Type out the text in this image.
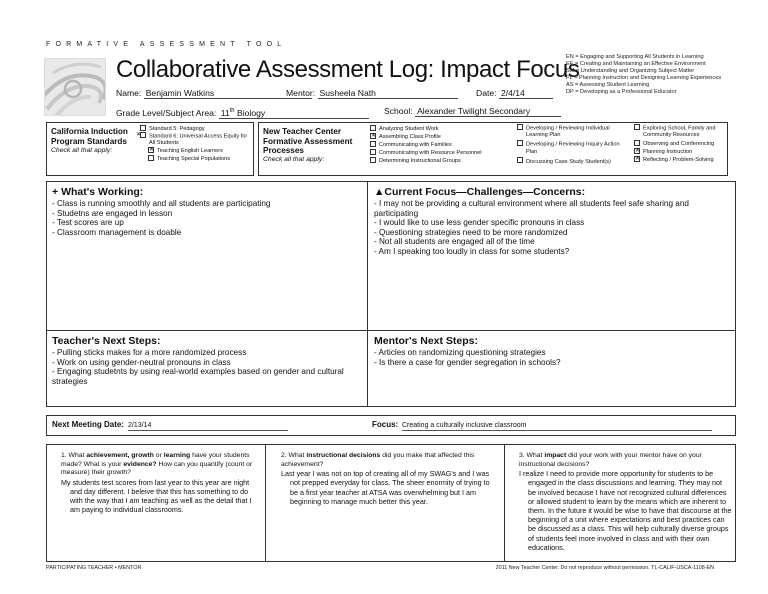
FORMATIVE ASSESSMENT TOOL
Collaborative Assessment Log: Impact Focus
EN = Engaging and Supporting All Students in Learning
EE = Creating and Maintaining an Effective Environment
SM = Understanding and Organizing Subject Matter
PL = Planning Instruction and Designing Learning Experiences
AS = Assessing Student Learning
DP = Developing as a Professional Educator
Name: Benjamin Watkins	Mentor: Susheela Nath	Date: 2/4/14
Grade Level/Subject Area: 11th Biology	School: Alexander Twilight Secondary
California Induction Program Standards
Check all that apply:
Standard 5: Pedagogy
✕ Standard 6: Universal Access Equity for All Students
✕ Teaching English Learners
Teaching Special Populations
New Teacher Center Formative Assessment Processes
Check all that apply:
Analyzing Student Work
✕ Assembling Class Profile
Communicating with Families
Communicating with Resource Personnel
Determining Instructional Groups
Developing / Reviewing Individual Learning Plan
Developing / Reviewing Inquiry Action Plan
Discussing Case Study Student(s)
Exploring School, Family and Community Resources
Observing and Conferencing
✕ Planning Instruction
✕ Reflecting / Problem-Solving
+ What's Working:
- Class is running smoothly and all students are participating
- Studetns are engaged in lesson
- Test scores are up
- Classroom management is doable
▲Current Focus—Challenges—Concerns:
- I may not be providing a cultural environment where all students feel safe sharing and participating
- I would like to use less gender specific pronouns in class
- Questioning strategies need to be more randomized
- Not all students are engaged all of the time
- Am I speaking too loudly in class for some students?
Teacher's Next Steps:
- Pulling sticks makes for a more randomized process
- Work on using gender-neutral pronouns in class
- Engaging studetnts by using real-world examples based on gender and cultural strategies
Mentor's Next Steps:
- Articles on randomizing questioning strategies
- Is there a case for gender segregation in schools?
Next Meeting Date: 2/13/14	Focus: Creating a culturally inclusive classroom
1. What achievement, growth or learning have your students made? What is your evidence? How can you quantify (count or measure) their growth?
My students test scores from last year to this year are night and day different. I beleive that this has something to do with the way that I am teaching as well as the detail that I am paying to individual classrooms.
2. What instructional decisions did you make that affected this achievement?
Last year I was not on top of creating all of my SWAG's and I was not prepped everyday for class. The sheer enormity of trying to be a first year teacher at ATSA was overwhelming but I am beginning to manage much better this year.
3. What impact did your work with your mentor have on your instructional decisions?
I realize I need to provide more opportunity for students to be engaged in the class discussions and learning. They may not be involved because I have not recognized cultural differences or allowed student to learn by the means which are inherent to them. In the future it would be wise to have that discourse at the beginning of a unit where expectations and best practices can be discussed as a class. This will help culturally diverse groups of students feel more involved in class and with their own educations.
PARTICIPATING TEACHER • MENTOR	2011 New Teacher Center. Do not reproduce without permission. TL-CALIF-USCA-1108-EN
